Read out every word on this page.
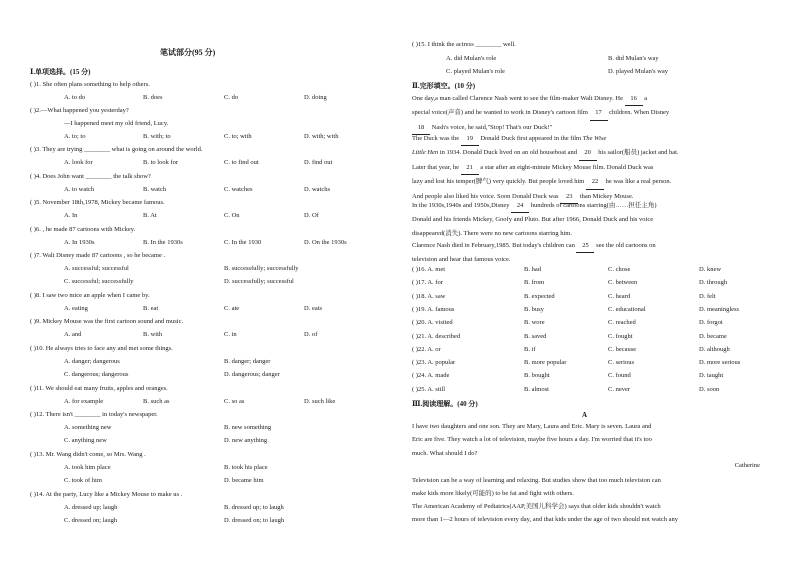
笔试部分(95 分)
Ⅰ.单项选择。(15 分)
( )1. She often plans something to help others.
A. to do	B. does	C. do	D. doing
( )2.—What happened you yesterday?
—I happened meet my old friend, Lucy.
A. to; to	B. with; to	C. to; with	D. with; with
( )3. They are trying ________ what is going on around the world.
A. look for	B. to look for	C. to find out	D. find out
( )4. Does John want ________ the talk show?
A. to watch	B. watch	C. watches	D. watchs
( )5. November 18th,1978, Mickey became famous.
A. In	B. At	C. On	D. Of
( )6. , he made 87 cartoons with Mickey.
A. In 1930s	B. In the 1930s	C. In the 1930	D. On the 1930s
( )7. Walt Disney made 87 cartoons , so he became .
A. successful; successful	B. successfully; successfully
C. successful; successfully	D. successfully; successful
( )8. I saw two mice an apple when I came by.
A. eating	B. eat	C. ate	D. eats
( )9. Mickey Mouse was the first cartoon sound and music.
A. and	B. with	C. in	D. of
( )10. He always tries to face any and met some things.
A. danger; dangerous	B. danger; danger
C. dangerous; dangerous	D. dangerous; danger
( )11. We should eat many fruits, apples and oranges.
A. for example	B. such as	C. so as	D. such like
( )12. There isn't ________ in today's newspaper.
A. something new	B. new something
C. anything new	D. new anything
( )13. Mr. Wang didn't come, so Mrs. Wang .
A. took him place	B. took his place
C. took of him	D. became him
( )14. At the party, Lucy like a Mickey Mouse to make us .
A. dressed up; laugh	B. dressed up; to laugh
C. dressed on; laugh	D. dressed on; to laugh
( )15. I think the actress ________ well.
A. did Mulan's role	B. did Mulan's way
C. played Mulan's role	D. played Mulan's way
Ⅱ.完形填空。(10 分)
One day,a man called Clarence Nash went to see the film-maker Walt Disney. He 16 a
special voice(声音) and he wanted to work in Disney's cartoon film 17 children. When Disney
18 Nash's voice, he said,"Stop! That's our Duck!"
The Duck was the 19 Donald Duck first appeared in the film The Wise
Little Hen in 1934. Donald Duck lived on an old houseboat and 20 his sailor(船员) jacket and hat.
Later that year, he 21 a star after an eight-minute Mickey Mouse film. Donald Duck was
lazy and lost his temper(脾气) very quickly. But people loved him 22 he was like a real person.
And people also liked his voice. Soon Donald Duck was 23 than Mickey Mouse.
In the 1930s,1940s and 1950s,Disney 24 hundreds of cartoons starring(由……担任主角)
Donald and his friends Mickey, Goofy and Pluto. But after 1966, Donald Duck and his voice
disappeared(消失). There were no new cartoons starring him.
Clarence Nash died in February,1985. But today's children can 25 see the old cartoons on
television and hear that famous voice.
( )16. A. met	B. had	C. chose	D. knew
( )17. A. for	B. from	C. between	D. through
( )18. A. saw	B. expected	C. heard	D. felt
( )19. A. famous	B. busy	C. educational	D. meaningless
( )20. A. visited	B. wore	C. reached	D. forgot
( )21. A. described	B. saved	C. fought	D. became
( )22. A. or	B. if	C. because	D. although
( )23. A. popular	B. more popular	C. serious	D. more serious
( )24. A. made	B. bought	C. found	D. taught
( )25. A. still	B. almost	C. never	D. soon
Ⅲ.阅读理解。(40 分)
A
I have two daughters and one son. They are Mary, Laura and Eric. Mary is seven. Laura and
Eric are five. They watch a lot of television, maybe five hours a day. I'm worried that it's too
much. What should I do?
Catherine
Television can be a way of learning and relaxing. But studies show that too much television can
make kids more likely(可能的) to be fat and fight with others.
The American Academy of Pediatrics(AAP,美国儿科学会) says that older kids shouldn't watch
more than 1—2 hours of television every day, and that kids under the age of two should not watch any
